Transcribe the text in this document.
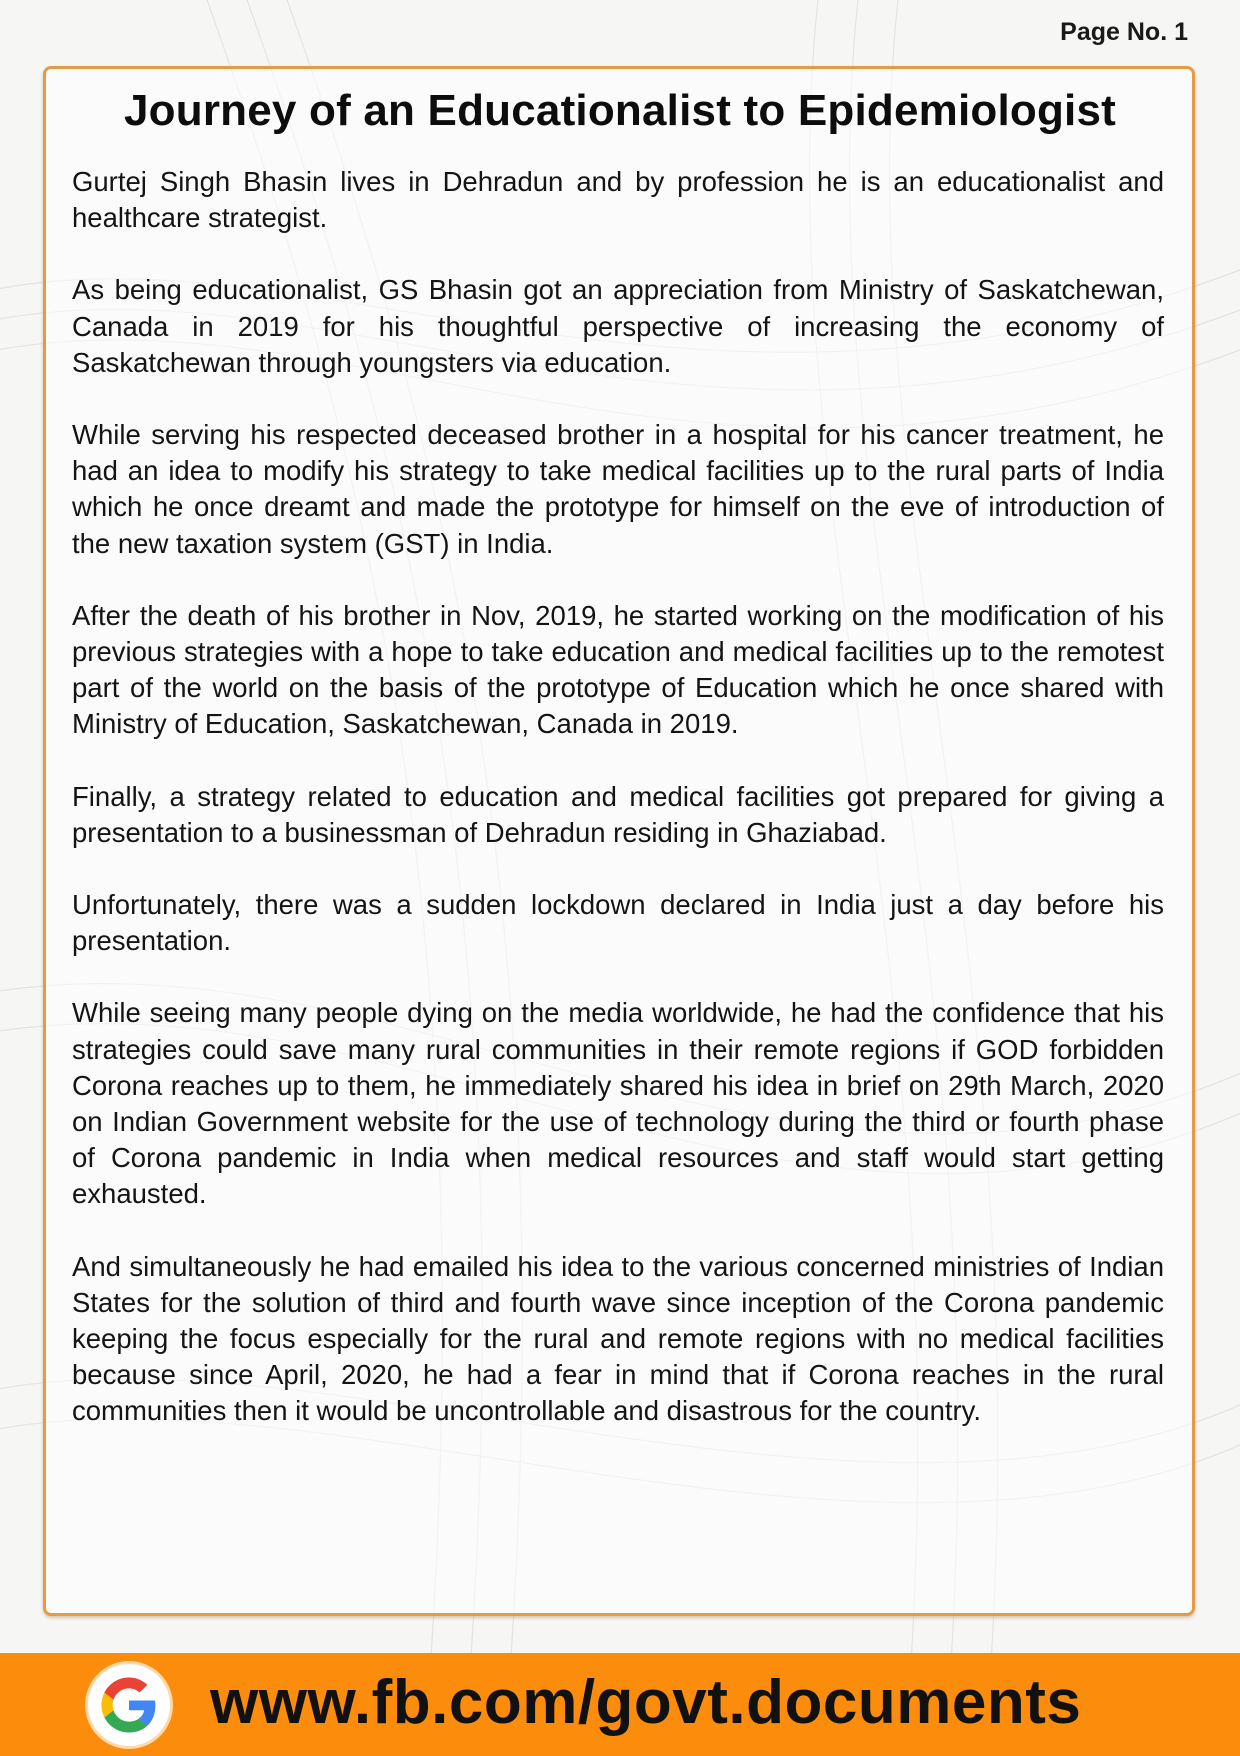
Page No. 1
Journey of an Educationalist to Epidemiologist

Gurtej Singh Bhasin lives in Dehradun and by profession he is an educationalist and healthcare strategist.

As being educationalist, GS Bhasin got an appreciation from Ministry of Saskatchewan, Canada in 2019 for his thoughtful perspective of increasing the economy of Saskatchewan through youngsters via education.

While serving his respected deceased brother in a hospital for his cancer treatment, he had an idea to modify his strategy to take medical facilities up to the rural parts of India which he once dreamt and made the prototype for himself on the eve of introduction of the new taxation system (GST) in India.

After the death of his brother in Nov, 2019, he started working on the modification of his previous strategies with a hope to take education and medical facilities up to the remotest part of the world on the basis of the prototype of Education which he once shared with Ministry of Education, Saskatchewan, Canada in 2019.

Finally, a strategy related to education and medical facilities got prepared for giving a presentation to a businessman of Dehradun residing in Ghaziabad.

Unfortunately, there was a sudden lockdown declared in India just a day before his presentation.

While seeing many people dying on the media worldwide, he had the confidence that his strategies could save many rural communities in their remote regions if GOD forbidden Corona reaches up to them, he immediately shared his idea in brief on 29th March, 2020 on Indian Government website for the use of technology during the third or fourth phase of Corona pandemic in India when medical resources and staff would start getting exhausted.

And simultaneously he had emailed his idea to the various concerned ministries of Indian States for the solution of third and fourth wave since inception of the Corona pandemic keeping the focus especially for the rural and remote regions with no medical facilities because since April, 2020, he had a fear in mind that if Corona reaches in the rural communities then it would be uncontrollable and disastrous for the country.

www.fb.com/govt.documents
